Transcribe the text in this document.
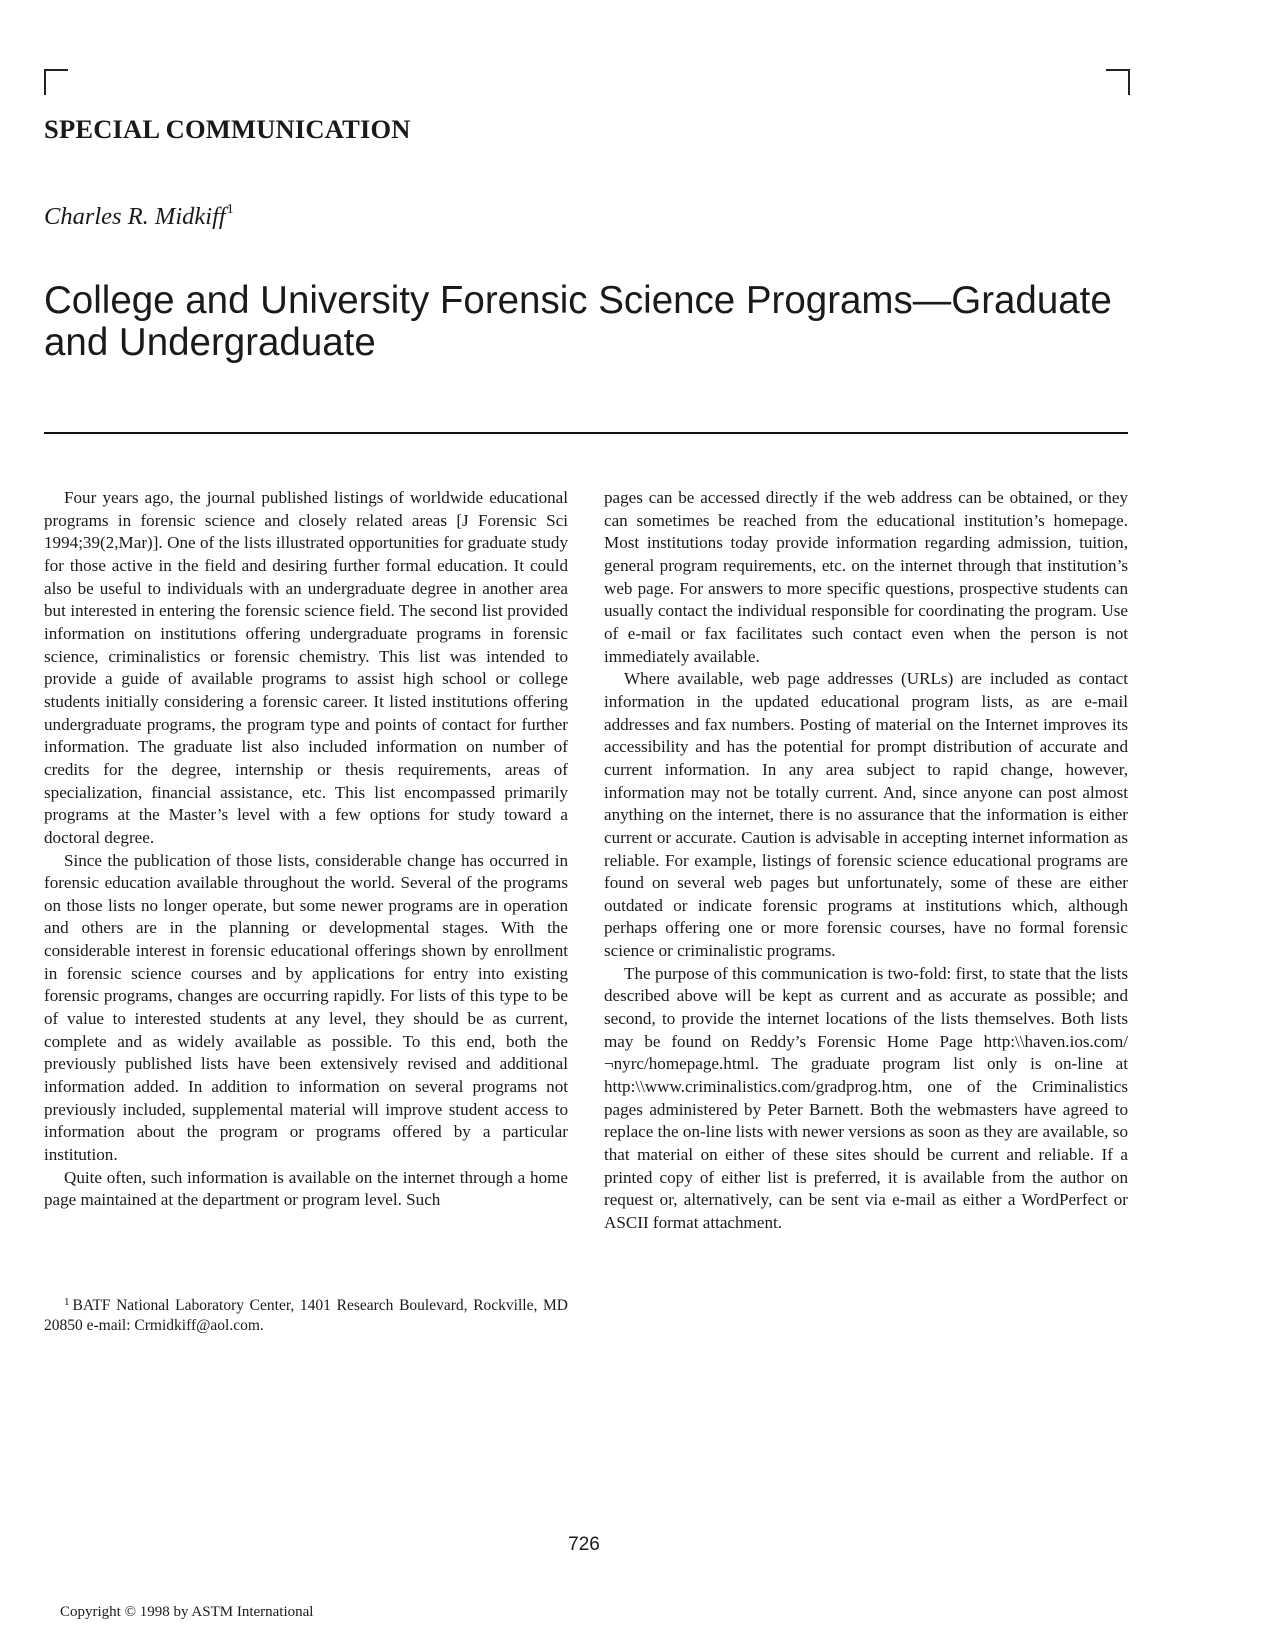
SPECIAL COMMUNICATION
Charles R. Midkiff$^1$
College and University Forensic Science Programs—Graduate and Undergraduate

Four years ago, the journal published listings of worldwide educational programs in forensic science and closely related areas [J Forensic Sci 1994;39(2,Mar)]. One of the lists illustrated opportunities for graduate study for those active in the field and desiring further formal education. It could also be useful to individuals with an undergraduate degree in another area but interested in entering the forensic science field. The second list provided information on institutions offering undergraduate programs in forensic science, criminalistics or forensic chemistry. This list was intended to provide a guide of available programs to assist high school or college students initially considering a forensic career. It listed institutions offering undergraduate programs, the program type and points of contact for further information. The graduate list also included information on number of credits for the degree, internship or thesis requirements, areas of specialization, financial assistance, etc. This list encompassed primarily programs at the Master’s level with a few options for study toward a doctoral degree.

Since the publication of those lists, considerable change has occurred in forensic education available throughout the world. Several of the programs on those lists no longer operate, but some newer programs are in operation and others are in the planning or developmental stages. With the considerable interest in forensic educational offerings shown by enrollment in forensic science courses and by applications for entry into existing forensic programs, changes are occurring rapidly. For lists of this type to be of value to interested students at any level, they should be as current, complete and as widely available as possible. To this end, both the previously published lists have been extensively revised and additional information added. In addition to information on several programs not previously included, supplemental material will improve student access to information about the program or programs offered by a particular institution.

Quite often, such information is available on the internet through a home page maintained at the department or program level. Such

$^1$ BATF National Laboratory Center, 1401 Research Boulevard, Rockville, MD 20850 e-mail: Crmidkiff@aol.com.

pages can be accessed directly if the web address can be obtained, or they can sometimes be reached from the educational institution’s homepage. Most institutions today provide information regarding admission, tuition, general program requirements, etc. on the internet through that institution’s web page. For answers to more specific questions, prospective students can usually contact the individual responsible for coordinating the program. Use of e-mail or fax facilitates such contact even when the person is not immediately available.

Where available, web page addresses (URLs) are included as contact information in the updated educational program lists, as are e-mail addresses and fax numbers. Posting of material on the Internet improves its accessibility and has the potential for prompt distribution of accurate and current information. In any area subject to rapid change, however, information may not be totally current. And, since anyone can post almost anything on the internet, there is no assurance that the information is either current or accurate. Caution is advisable in accepting internet information as reliable. For example, listings of forensic science educational programs are found on several web pages but unfortunately, some of these are either outdated or indicate forensic programs at institutions which, although perhaps offering one or more forensic courses, have no formal forensic science or criminalistic programs.

The purpose of this communication is two-fold: first, to state that the lists described above will be kept as current and as accurate as possible; and second, to provide the internet locations of the lists themselves. Both lists may be found on Reddy’s Forensic Home Page http:\\haven.ios.com/¬nyrc/homepage.html. The graduate program list only is on-line at http:\\www.criminalistics.com/gradprog.htm, one of the Criminalistics pages administered by Peter Barnett. Both the webmasters have agreed to replace the on-line lists with newer versions as soon as they are available, so that material on either of these sites should be current and reliable. If a printed copy of either list is preferred, it is available from the author on request or, alternatively, can be sent via e-mail as either a WordPerfect or ASCII format attachment.

726
Copyright © 1998 by ASTM International
